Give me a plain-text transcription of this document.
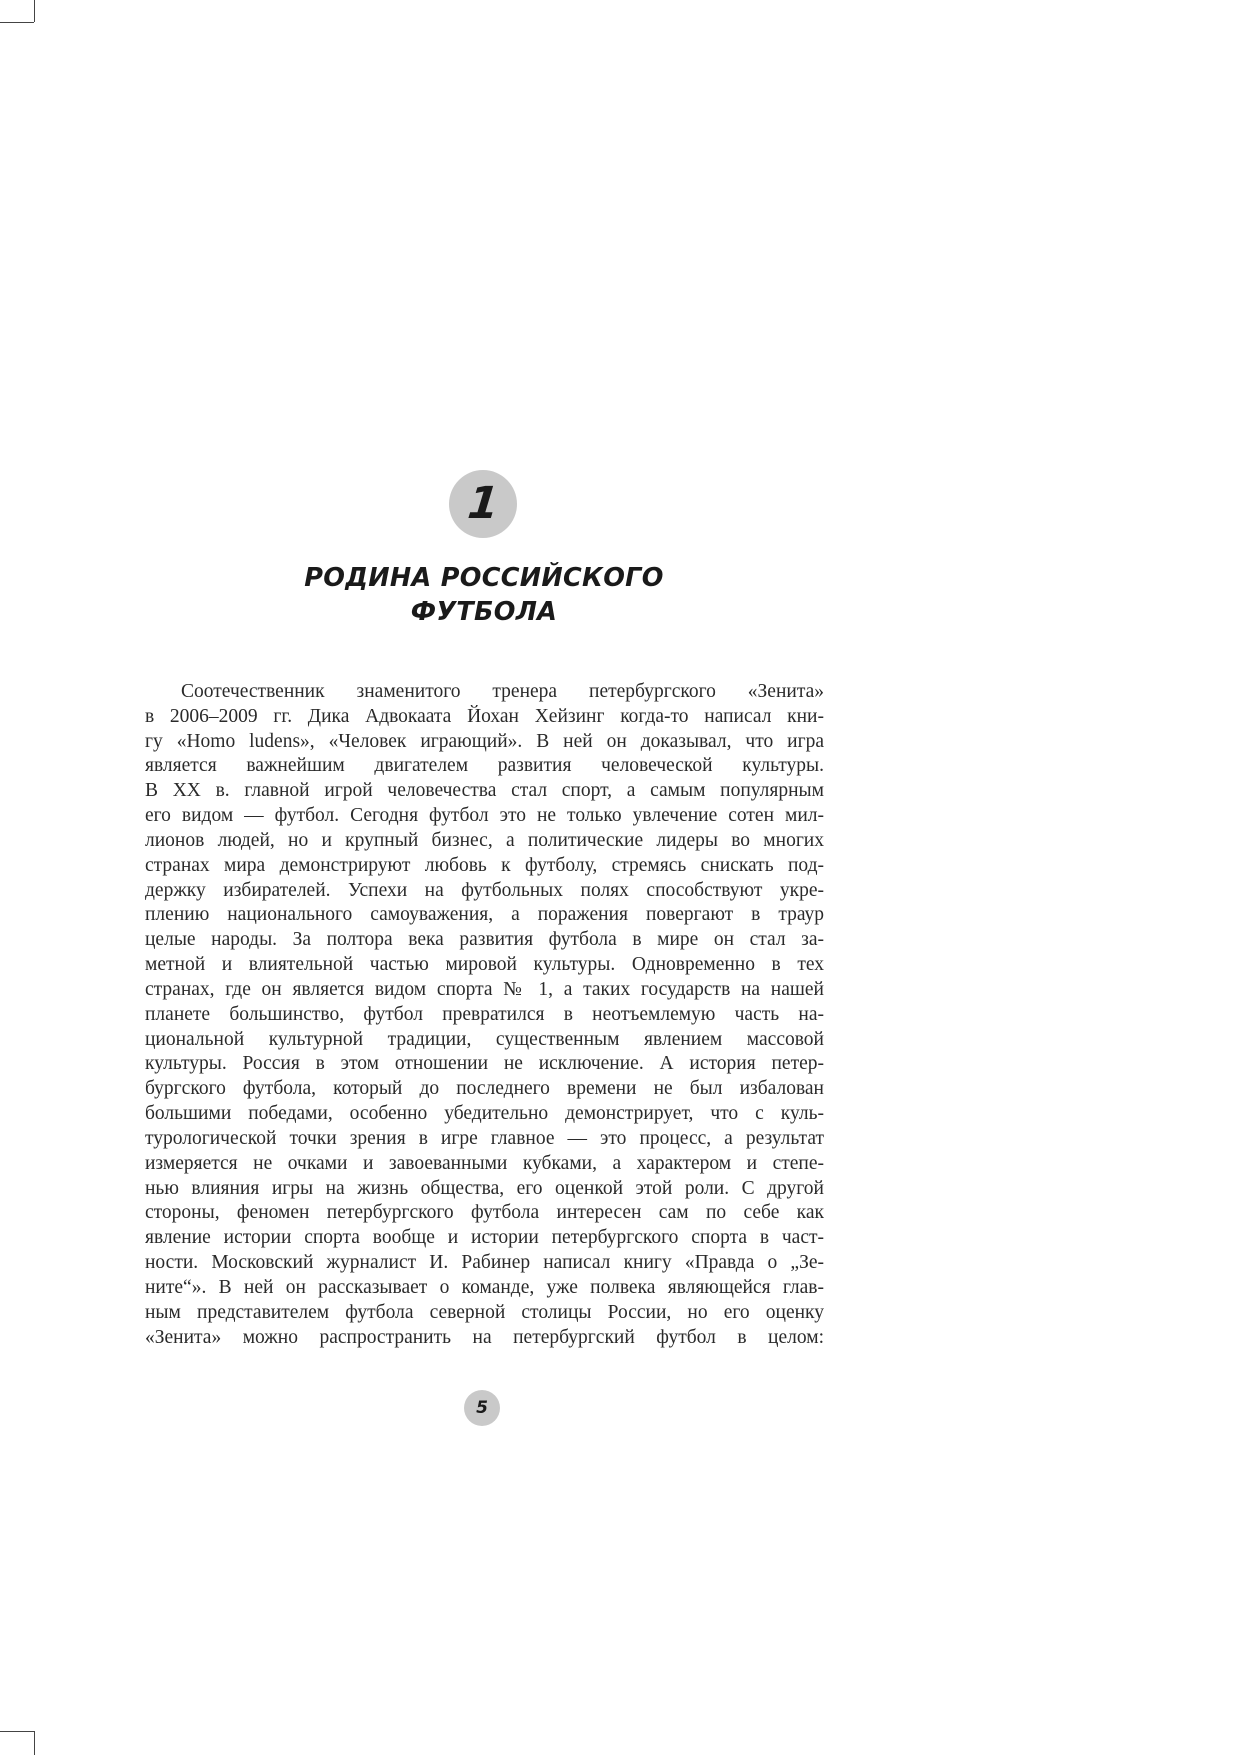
1
РОДИНА РОССИЙСКОГО
ФУТБОЛА
Соотечественник знаменитого тренера петербургского «Зенита»
в 2006–2009 гг. Дика Адвокаата Йохан Хейзинг когда-то написал кни-
гу «Homo ludens», «Человек играющий». В ней он доказывал, что игра
является важнейшим двигателем развития человеческой культуры.
В XX в. главной игрой человечества стал спорт, а самым популярным
его видом — футбол. Сегодня футбол это не только увлечение сотен мил-
лионов людей, но и крупный бизнес, а политические лидеры во многих
странах мира демонстрируют любовь к футболу, стремясь снискать под-
держку избирателей. Успехи на футбольных полях способствуют укре-
плению национального самоуважения, а поражения повергают в траур
целые народы. За полтора века развития футбола в мире он стал за-
метной и влиятельной частью мировой культуры. Одновременно в тех
странах, где он является видом спорта № 1, а таких государств на нашей
планете большинство, футбол превратился в неотъемлемую часть на-
циональной культурной традиции, существенным явлением массовой
культуры. Россия в этом отношении не исключение. А история петер-
бургского футбола, который до последнего времени не был избалован
большими победами, особенно убедительно демонстрирует, что с куль-
турологической точки зрения в игре главное — это процесс, а результат
измеряется не очками и завоеванными кубками, а характером и степе-
нью влияния игры на жизнь общества, его оценкой этой роли. С другой
стороны, феномен петербургского футбола интересен сам по себе как
явление истории спорта вообще и истории петербургского спорта в част-
ности. Московский журналист И. Рабинер написал книгу «Правда о „Зе-
ните“». В ней он рассказывает о команде, уже полвека являющейся глав-
ным представителем футбола северной столицы России, но его оценку
«Зенита» можно распространить на петербургский футбол в целом:
5
